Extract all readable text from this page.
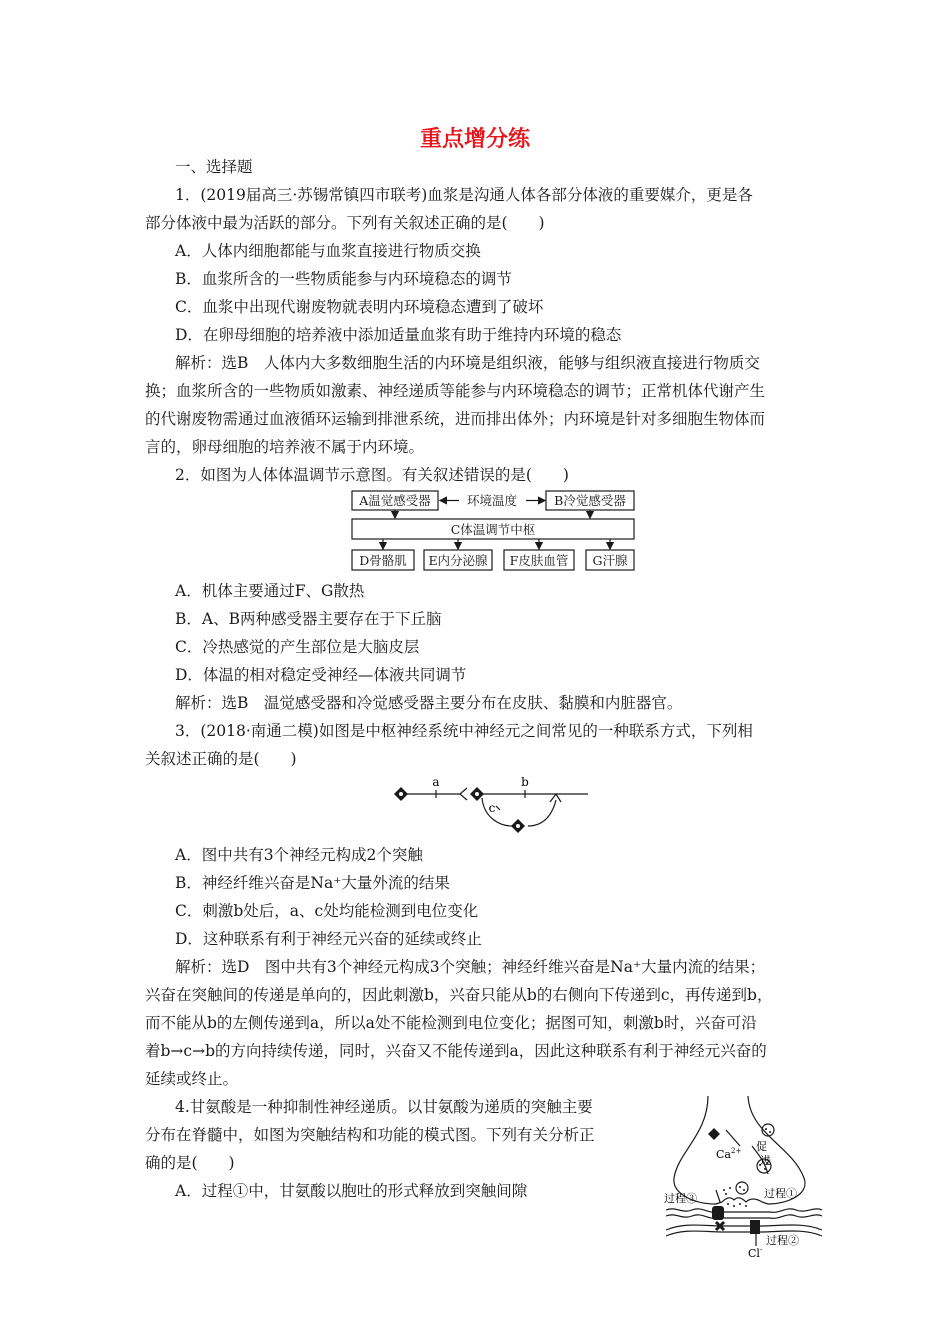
重点增分练
一、选择题
1．(2019届高三·苏锡常镇四市联考)血浆是沟通人体各部分体液的重要媒介，更是各
部分体液中最为活跃的部分。下列有关叙述正确的是(　　)
A．人体内细胞都能与血浆直接进行物质交换
B．血浆所含的一些物质能参与内环境稳态的调节
C．血浆中出现代谢废物就表明内环境稳态遭到了破坏
D．在卵母细胞的培养液中添加适量血浆有助于维持内环境的稳态
解析：选B　人体内大多数细胞生活的内环境是组织液，能够与组织液直接进行物质交
换；血浆所含的一些物质如激素、神经递质等能参与内环境稳态的调节；正常机体代谢产生
的代谢废物需通过血液循环运输到排泄系统，进而排出体外；内环境是针对多细胞生物体而
言的，卵母细胞的培养液不属于内环境。
2．如图为人体体温调节示意图。有关叙述错误的是(　　)
A温觉感受器	环境温度	B冷觉感受器
C体温调节中枢
D骨骼肌 E内分泌腺 F皮肤血管 G汗腺
A．机体主要通过F、G散热
B．A、B两种感受器主要存在于下丘脑
C．冷热感觉的产生部位是大脑皮层
D．体温的相对稳定受神经—体液共同调节
解析：选B　温觉感受器和冷觉感受器主要分布在皮肤、黏膜和内脏器官。
3．(2018·南通二模)如图是中枢神经系统中神经元之间常见的一种联系方式，下列相
关叙述正确的是(　　)
a	b
c
A．图中共有3个神经元构成2个突触
B．神经纤维兴奋是Na⁺大量外流的结果
C．刺激b处后，a、c处均能检测到电位变化
D．这种联系有利于神经元兴奋的延续或终止
解析：选D　图中共有3个神经元构成3个突触；神经纤维兴奋是Na⁺大量内流的结果；
兴奋在突触间的传递是单向的，因此刺激b，兴奋只能从b的右侧向下传递到c，再传递到b，
而不能从b的左侧传递到a，所以a处不能检测到电位变化；据图可知，刺激b时，兴奋可沿
着b→c→b的方向持续传递，同时，兴奋又不能传递到a，因此这种联系有利于神经元兴奋的
延续或终止。
4.甘氨酸是一种抑制性神经递质。以甘氨酸为递质的突触主要
分布在脊髓中，如图为突触结构和功能的模式图。下列有关分析正
确的是(　　)
A．过程①中，甘氨酸以胞吐的形式释放到突触间隙
$Ca^{2+}$ 促
进
过程③	过程①
过程②
Cl-
